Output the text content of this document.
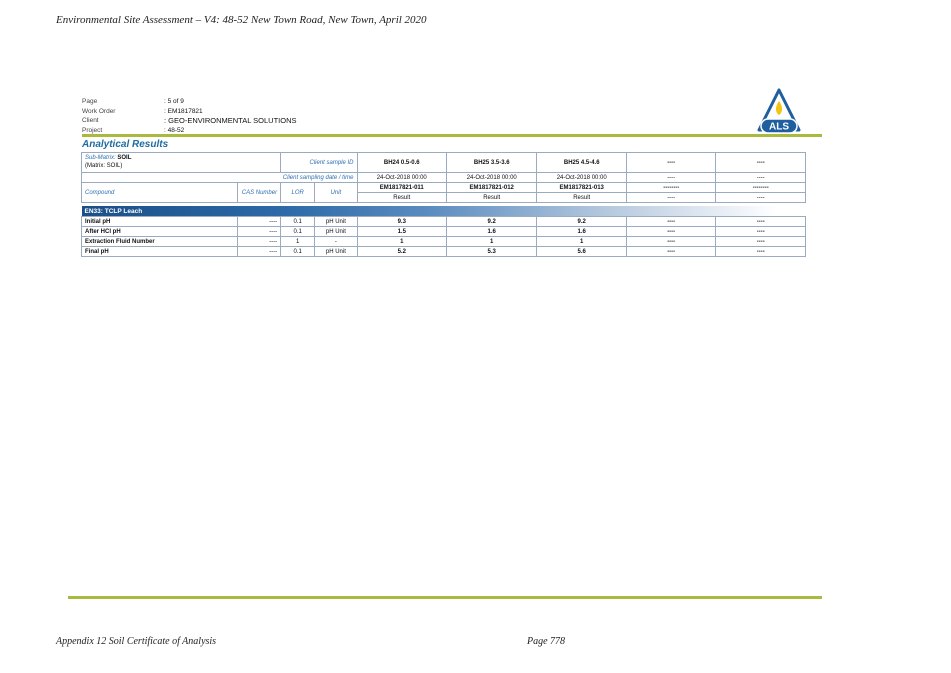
Environmental Site Assessment – V4: 48-52 New Town Road, New Town, April 2020
Page	: 5 of 9
Work Order	: EM1817821
Client	: GEO-ENVIRONMENTAL SOLUTIONS
Project	: 48-52	ALS
Analytical Results
Sub-Matrix: SOIL
(Matrix: SOIL)		Client sample ID		BH24 0.5-0.6	BH25 3.5-3.6	BH25 4.5-4.6	----	----
Client sampling date / time				24-Oct-2018 00:00	24-Oct-2018 00:00	24-Oct-2018 00:00	----	----
Compound	CAS Number	LOR	Unit	EM1817821-011	EM1817821-012	EM1817821-013	--------	--------
				Result	Result	Result	----	----

EN33: TCLP Leach								
Initial pH	----	0.1	pH Unit	9.3	9.2	9.2	----	----
After HCl pH	----	0.1	pH Unit	1.5	1.6	1.6	----	----
Extraction Fluid Number	----	1	-	1	1	1	----	----
Final pH	----	0.1	pH Unit	5.2	5.3	5.6	----	----
Appendix 12 Soil Certificate of Analysis	Page 778
